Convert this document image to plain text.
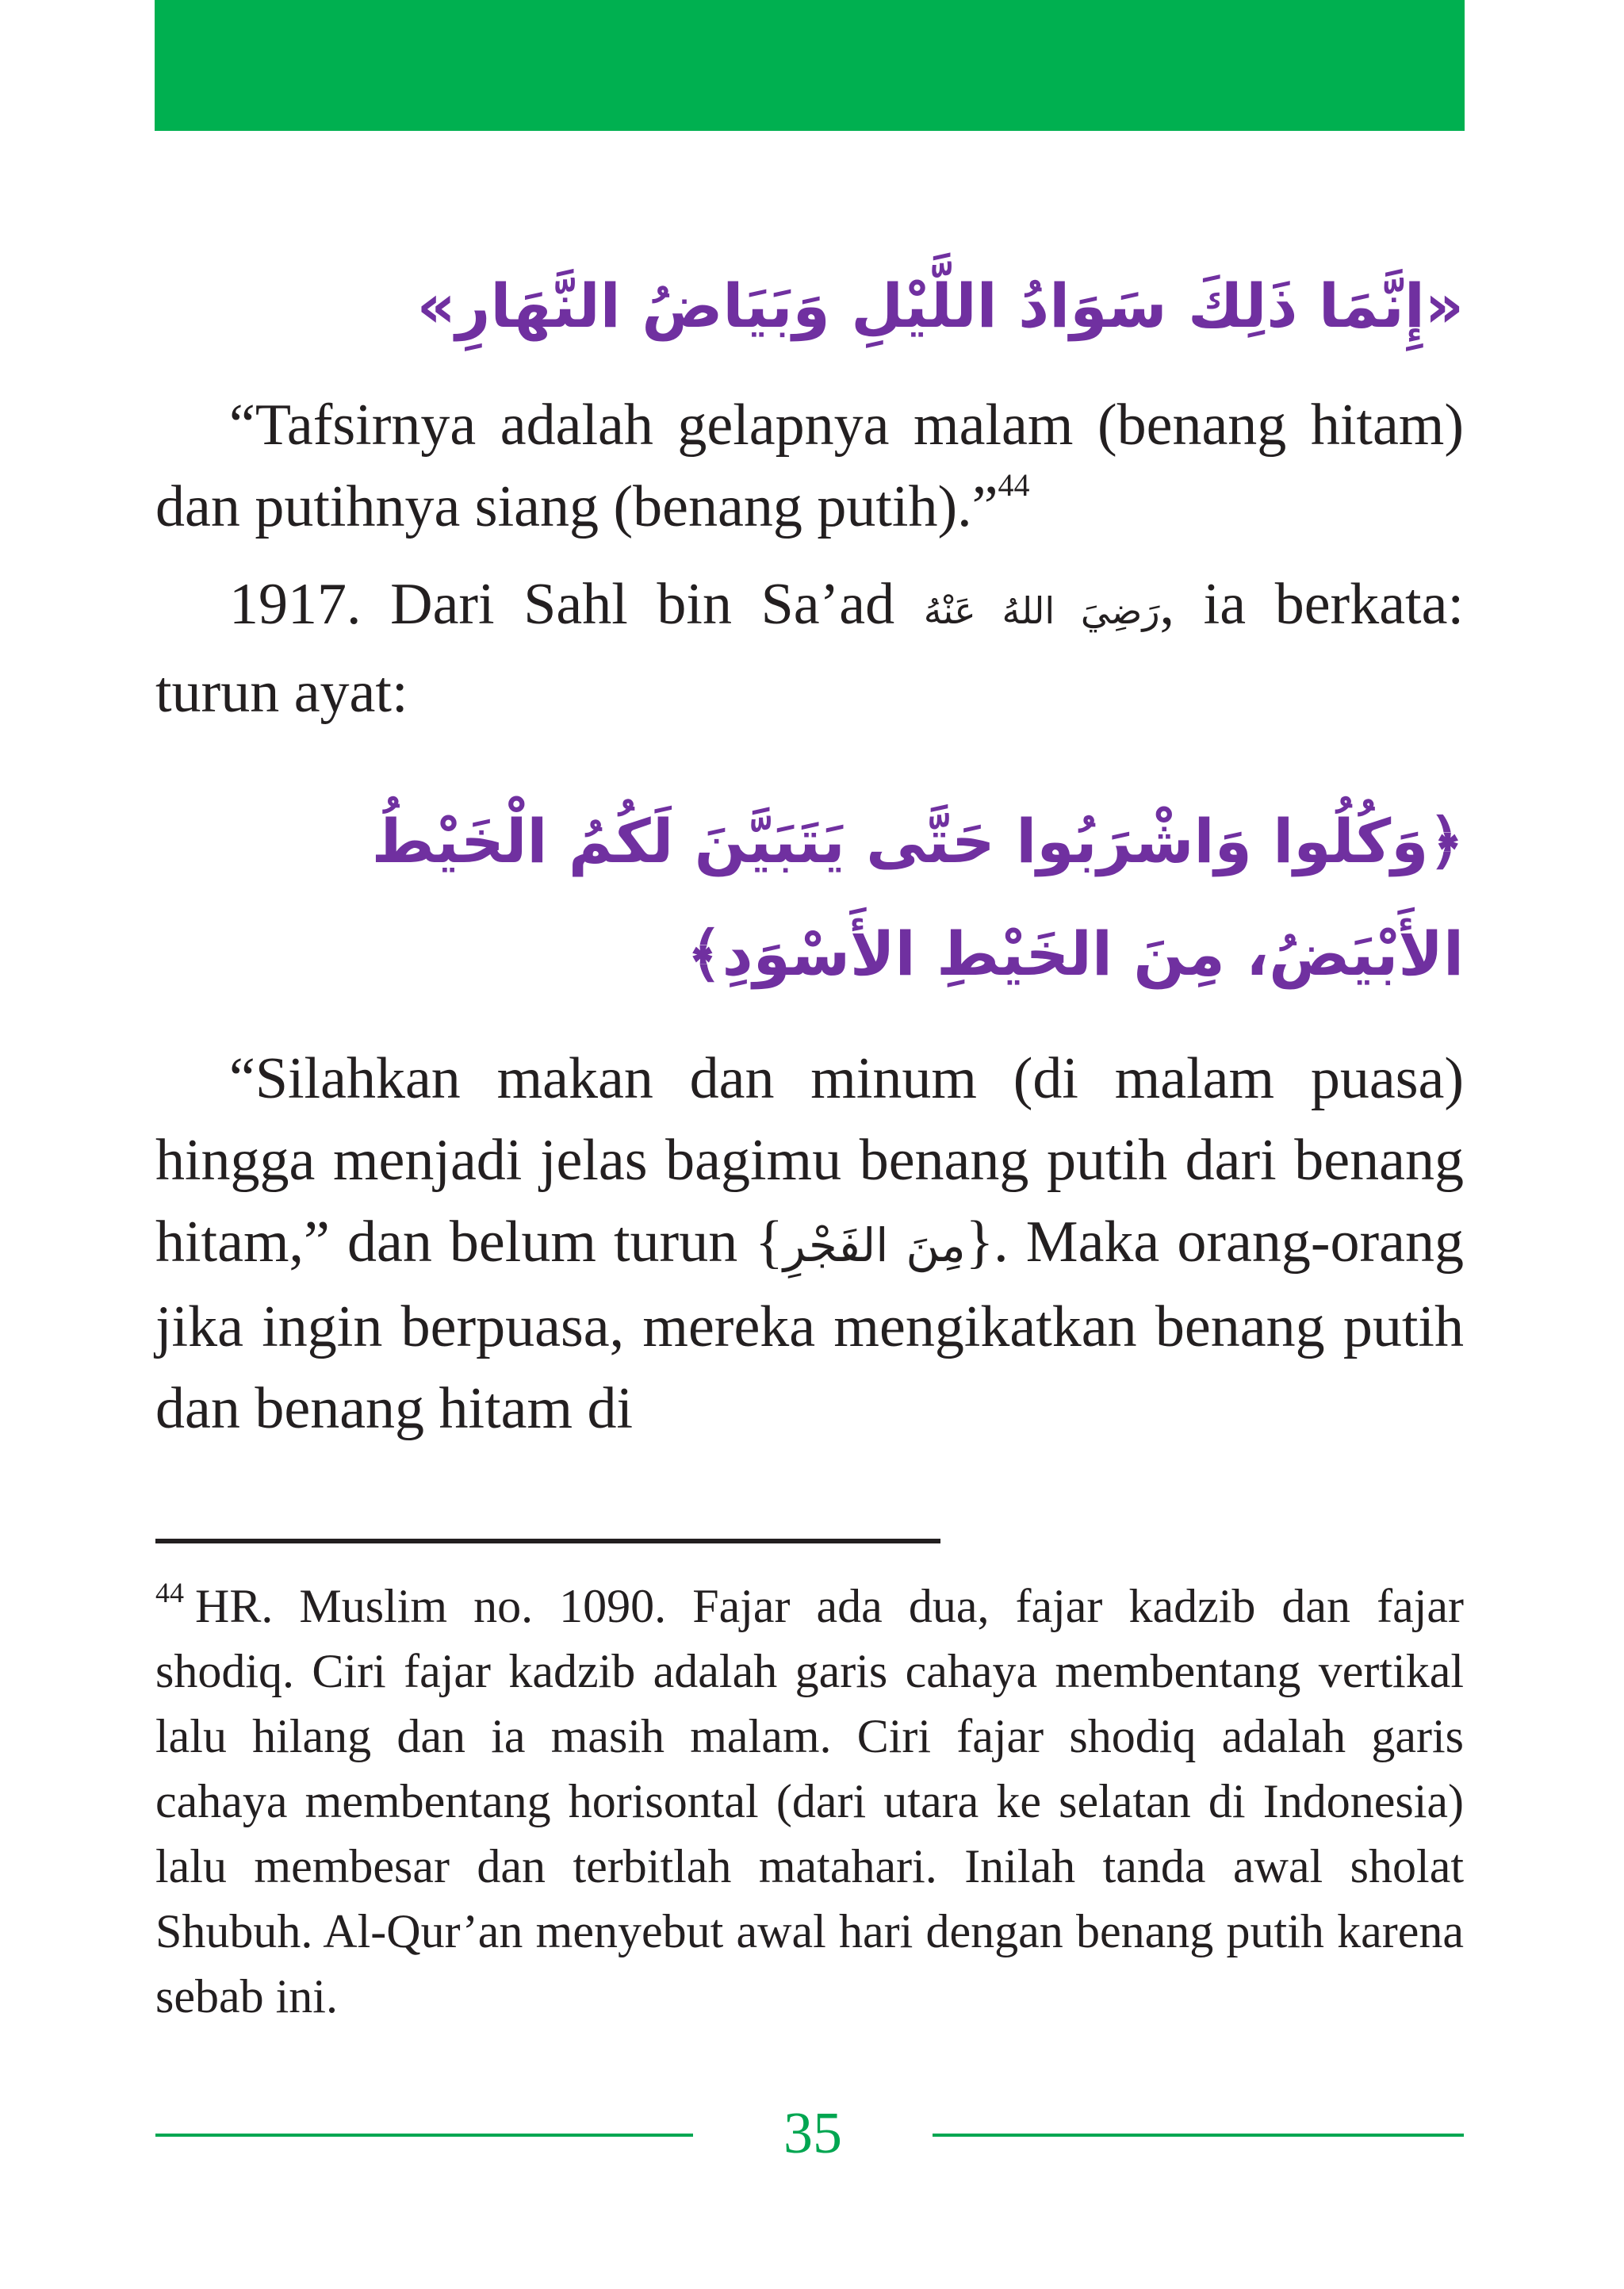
«إِنَّمَا ذَلِكَ سَوَادُ اللَّيْلِ وَبَيَاضُ النَّهَارِ»

“Tafsirnya adalah gelapnya malam (benang hitam) dan putihnya siang (benang putih).”$^{44}$

1917. Dari Sahl bin Sa’ad رَضِيَ اللهُ عَنْهُ, ia berkata: turun ayat:

﴿وَكُلُوا وَاشْرَبُوا حَتَّى يَتَبَيَّنَ لَكُمُ الْخَيْطُ الأَبْيَضُ، مِنَ الخَيْطِ الأَسْوَدِ﴾

“Silahkan makan dan minum (di malam puasa) hingga menjadi jelas bagimu benang putih dari benang hitam,” dan belum turun {مِنَ الفَجْرِ}. Maka orang-orang jika ingin berpuasa, mereka mengikatkan benang putih dan benang hitam di

$^{44}$ HR. Muslim no. 1090. Fajar ada dua, fajar kadzib dan fajar shodiq. Ciri fajar kadzib adalah garis cahaya membentang vertikal lalu hilang dan ia masih malam. Ciri fajar shodiq adalah garis cahaya membentang horisontal (dari utara ke selatan di Indonesia) lalu membesar dan terbitlah matahari. Inilah tanda awal sholat Shubuh. Al-Qur’an menyebut awal hari dengan benang putih karena sebab ini.

35
